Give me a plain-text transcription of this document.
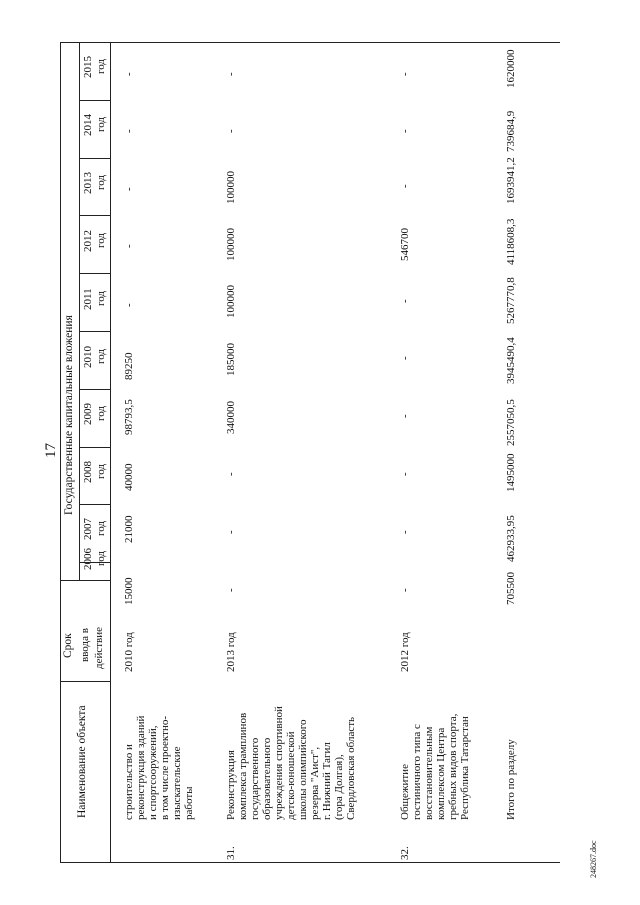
17
248267.doc
Наименование объекта
Срок ввода в действие
Государственные капитальные вложения
2006 год
2007 год
2008 год
2009 год
2010 год
2011 год
2012 год
2013 год
2014 год
2015 год
строительство и реконструкция зданий и спортсооружений, в том числе проектно- изыскательские работы
2010 год
15000
21000
40000
98793,5
89250
-
-
-
-
-
31.
Реконструкция комплекса трамплинов государственного образовательного учреждения спортивной детско-юношеской школы олимпийского резерва "Аист", г. Нижний Тагил (гора Долгая), Свердловская область
2013 год
-
-
-
340000
185000
100000
100000
100000
-
-
32.
Общежитие гостиничного типа с восстановительным комплексом Центра гребных видов спорта, Республика Татарстан
2012 год
-
-
-
-
-
-
546700
-
-
-
Итого по разделу
705500
462933,95
1495000
2557050,5
3945490,4
5267770,8
4118608,3
1693941,2
739684,9
1620000
